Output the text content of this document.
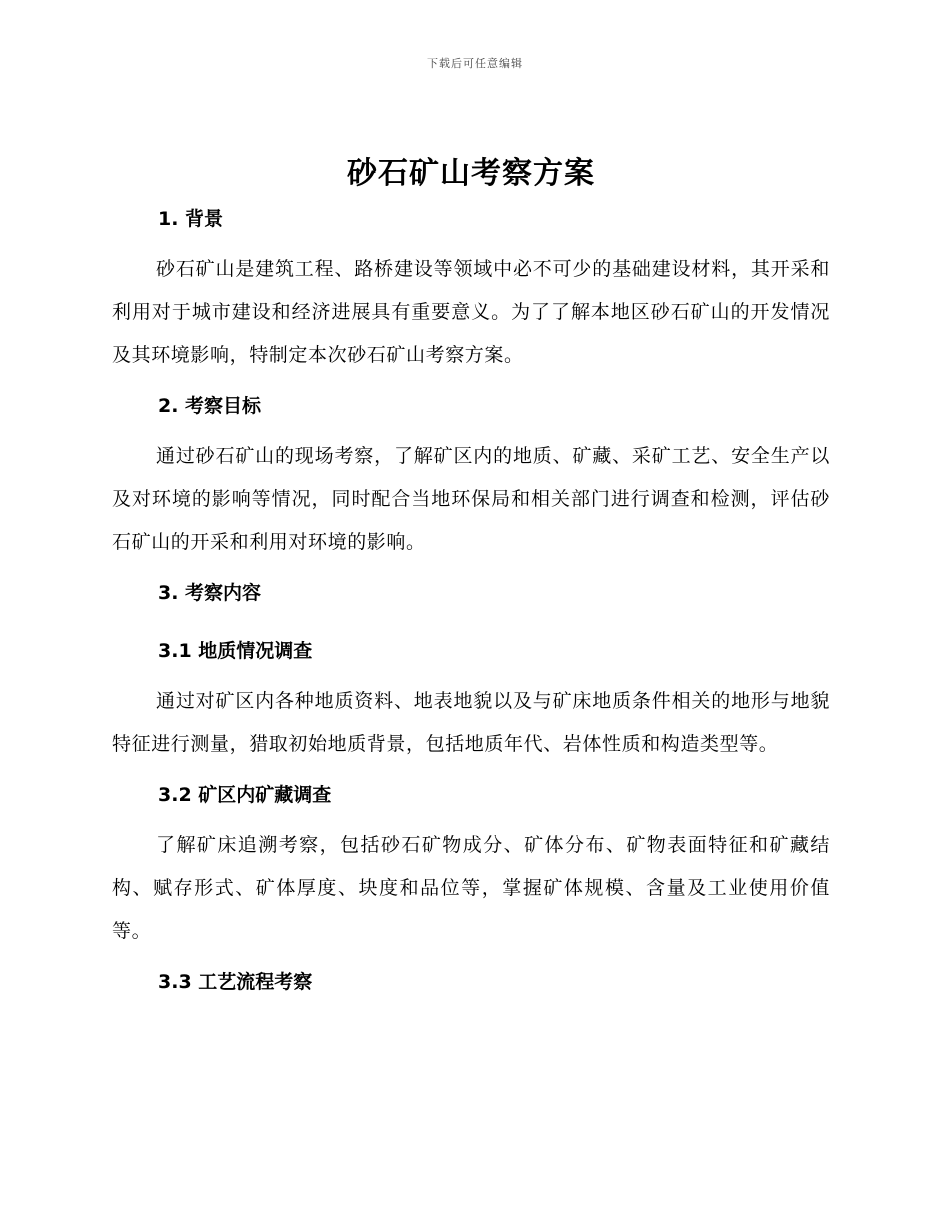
下载后可任意编辑
砂石矿山考察方案
1. 背景

砂石矿山是建筑工程、路桥建设等领域中必不可少的基础建设材料，其开采和利用对于城市建设和经济进展具有重要意义。为了了解本地区砂石矿山的开发情况及其环境影响，特制定本次砂石矿山考察方案。

2. 考察目标

通过砂石矿山的现场考察，了解矿区内的地质、矿藏、采矿工艺、安全生产以及对环境的影响等情况，同时配合当地环保局和相关部门进行调查和检测，评估砂石矿山的开采和利用对环境的影响。

3. 考察内容
3.1 地质情况调查

通过对矿区内各种地质资料、地表地貌以及与矿床地质条件相关的地形与地貌特征进行测量，猎取初始地质背景，包括地质年代、岩体性质和构造类型等。

3.2 矿区内矿藏调查

了解矿床追溯考察，包括砂石矿物成分、矿体分布、矿物表面特征和矿藏结构、赋存形式、矿体厚度、块度和品位等，掌握矿体规模、含量及工业使用价值等。

3.3 工艺流程考察
